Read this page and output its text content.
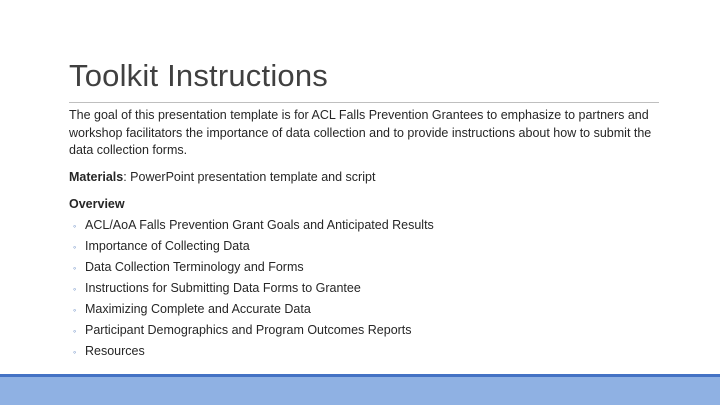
Toolkit Instructions

The goal of this presentation template is for ACL Falls Prevention Grantees to emphasize to partners and workshop facilitators the importance of data collection and to provide instructions about how to submit the data collection forms.

Materials: PowerPoint presentation template and script

Overview
◦ ACL/AoA Falls Prevention Grant Goals and Anticipated Results
◦ Importance of Collecting Data
◦ Data Collection Terminology and Forms
◦ Instructions for Submitting Data Forms to Grantee
◦ Maximizing Complete and Accurate Data
◦ Participant Demographics and Program Outcomes Reports
◦ Resources
